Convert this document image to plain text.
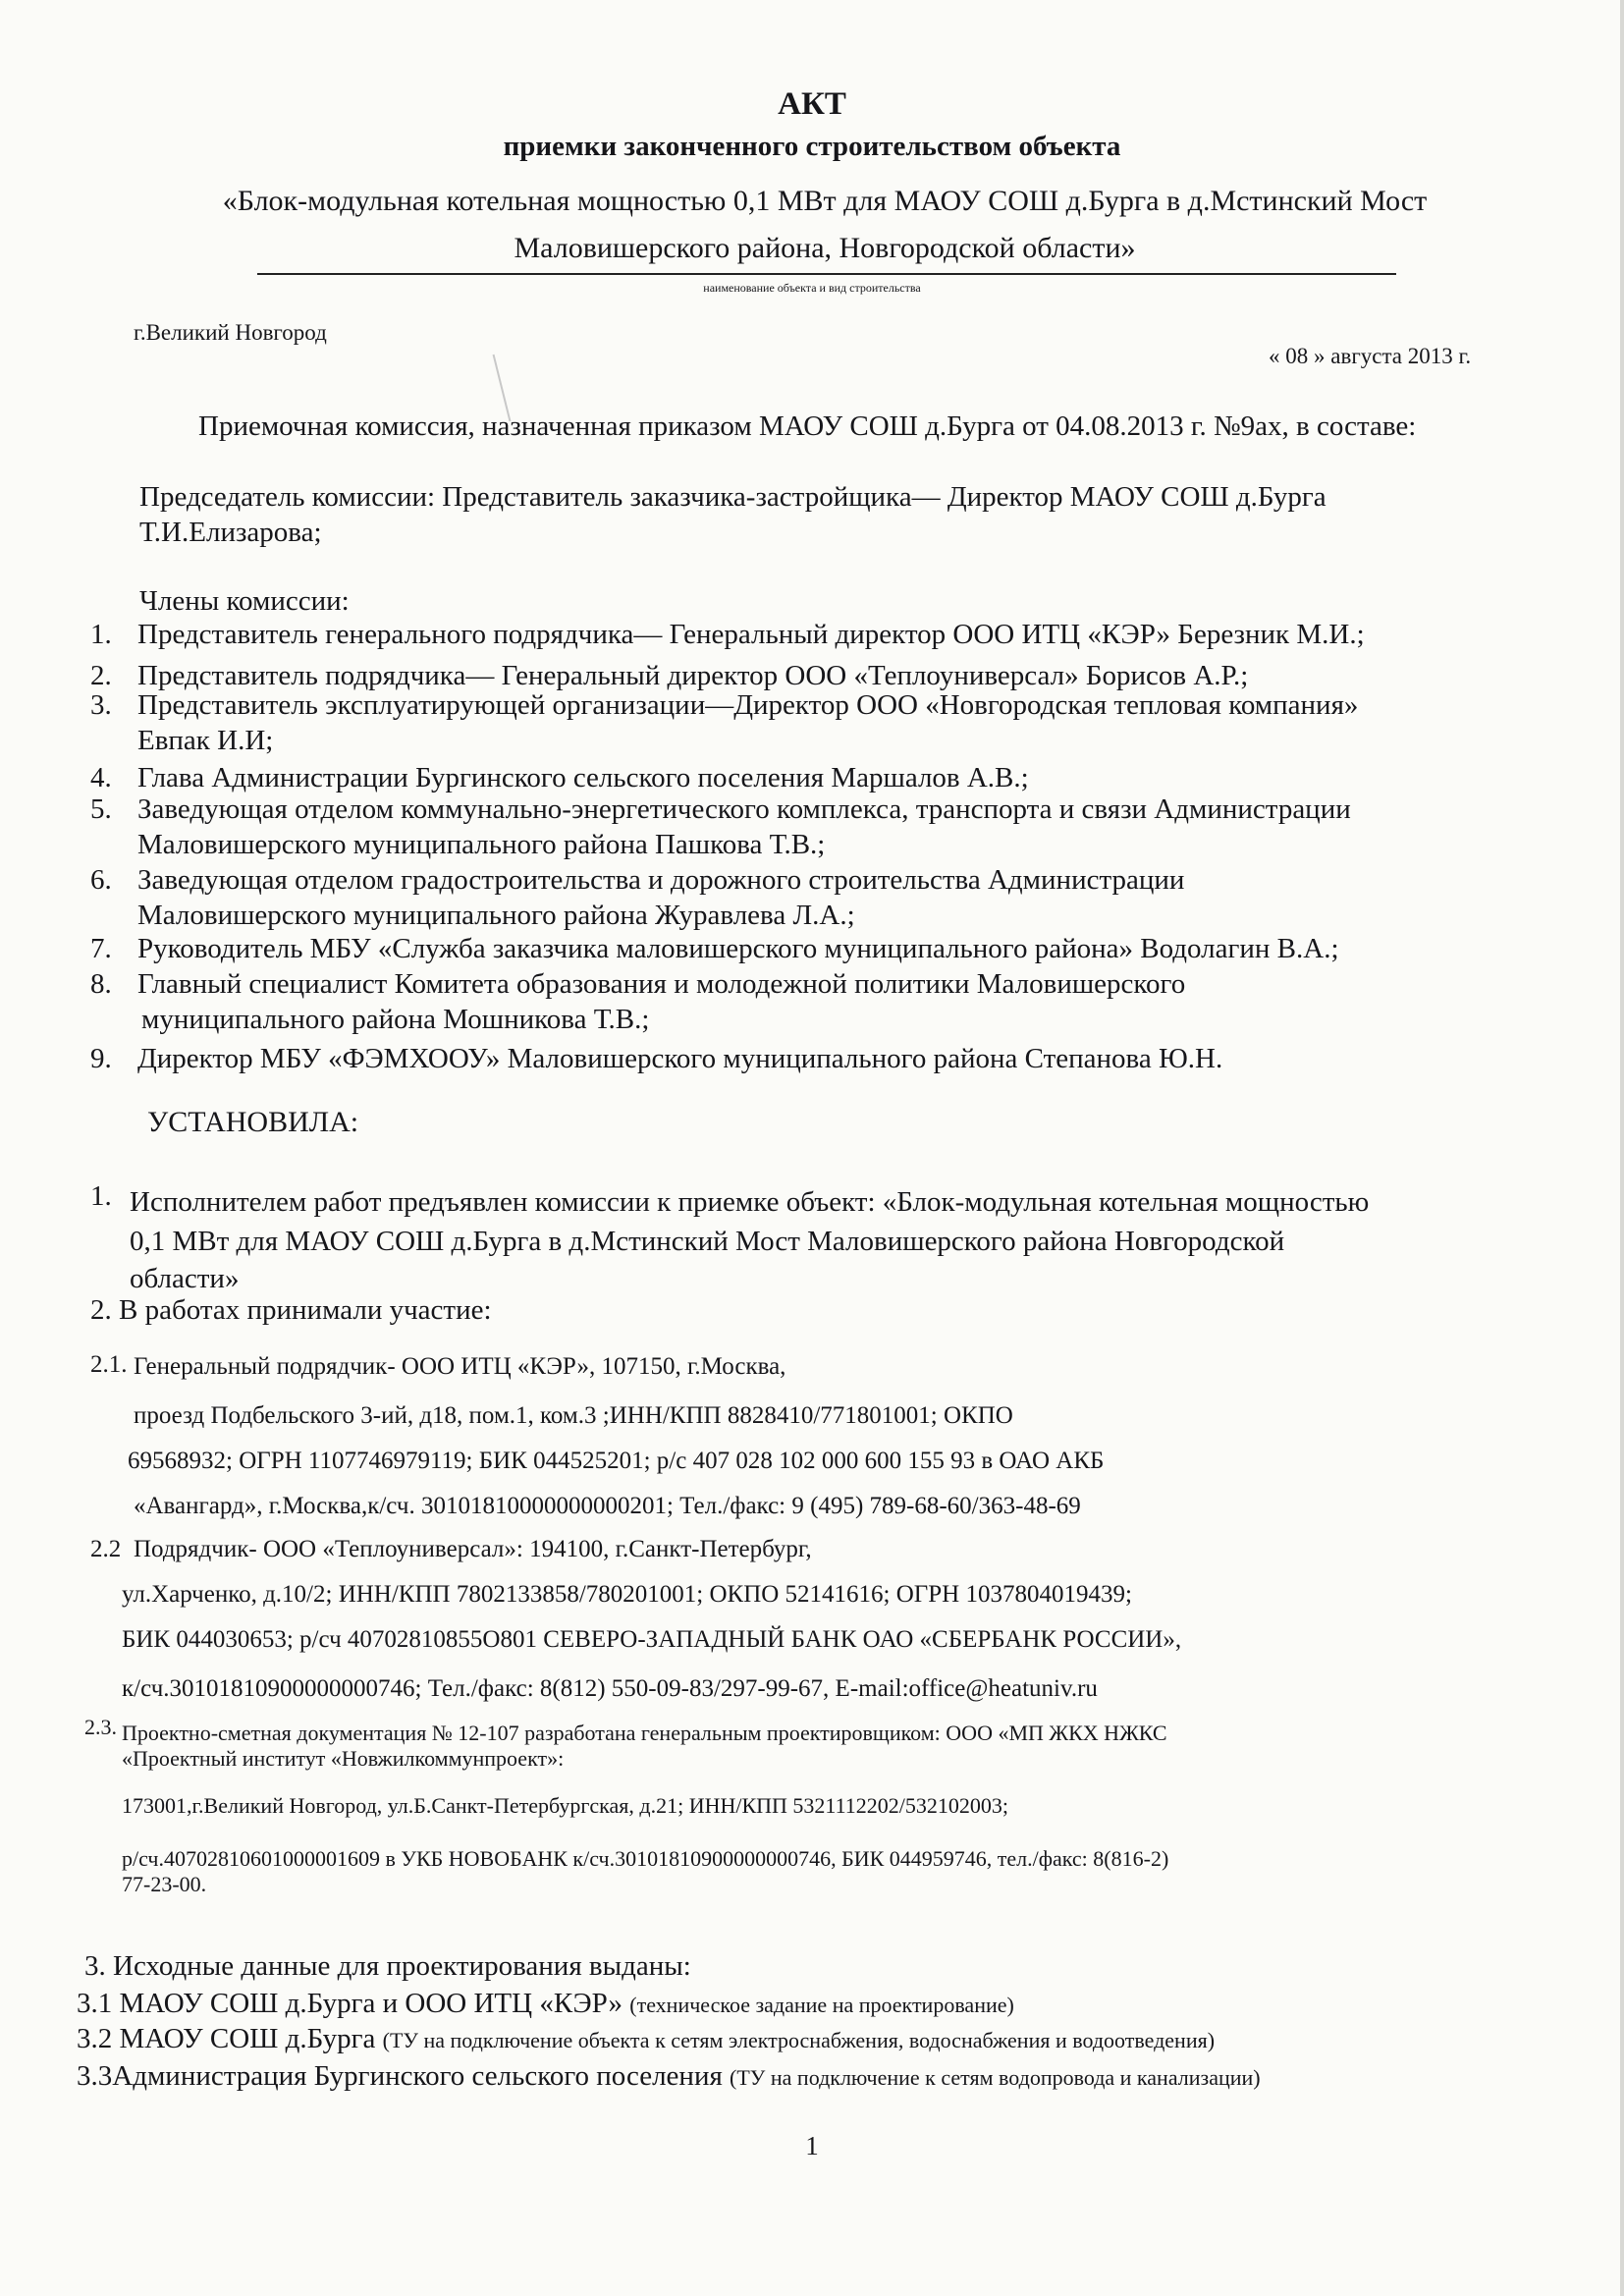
АКТ
приемки законченного строительством объекта
«Блок-модульная котельная мощностью 0,1 МВт для МАОУ СОШ д.Бурга в д.Мстинский Мост
Маловишерского района, Новгородской области»
наименование объекта и вид строительства
г.Великий Новгород
« 08 » августа 2013 г.
Приемочная комиссия, назначенная приказом МАОУ СОШ д.Бурга от 04.08.2013 г. №9ах, в составе:
Председатель комиссии: Представитель заказчика-застройщика— Директор МАОУ СОШ д.Бурга
Т.И.Елизарова;
Члены комиссии:
1. Представитель генерального подрядчика— Генеральный директор ООО ИТЦ «КЭР» Березник М.И.;
2. Представитель подрядчика— Генеральный директор ООО «Теплоуниверсал» Борисов А.Р.;
3. Представитель эксплуатирующей организации—Директор ООО «Новгородская тепловая компания»
Евпак И.И;
4. Глава Администрации Бургинского сельского поселения Маршалов А.В.;
5. Заведующая отделом коммунально-энергетического комплекса, транспорта и связи Администрации
Маловишерского муниципального района Пашкова Т.В.;
6. Заведующая отделом градостроительства и дорожного строительства Администрации
Маловишерского муниципального района Журавлева Л.А.;
7. Руководитель МБУ «Служба заказчика маловишерского муниципального района» Водолагин В.А.;
8. Главный специалист Комитета образования и молодежной политики Маловишерского
муниципального района Мошникова Т.В.;
9. Директор МБУ «ФЭМХООУ» Маловишерского муниципального района Степанова Ю.Н.
УСТАНОВИЛА:
1. Исполнителем работ предъявлен комиссии к приемке объект: «Блок-модульная котельная мощностью
0,1 МВт для МАОУ СОШ д.Бурга в д.Мстинский Мост Маловишерского района Новгородской
области»
2. В работах принимали участие:
2.1. Генеральный подрядчик- ООО ИТЦ «КЭР», 107150, г.Москва,
проезд Подбельского 3-ий, д18, пом.1, ком.3 ;ИНН/КПП 8828410/771801001; ОКПО
69568932; ОГРН 1107746979119; БИК 044525201; р/с 407 028 102 000 600 155 93 в ОАО АКБ
«Авангард», г.Москва,к/сч. 30101810000000000201; Тел./факс: 9 (495) 789-68-60/363-48-69
2.2 Подрядчик- ООО «Теплоуниверсал»: 194100, г.Санкт-Петербург,
ул.Харченко, д.10/2; ИНН/КПП 7802133858/780201001; ОКПО 52141616; ОГРН 1037804019439;
БИК 044030653; р/сч 40702810855O801 СЕВЕРО-ЗАПАДНЫЙ БАНК ОАО «СБЕРБАНК РОССИИ»,
к/сч.30101810900000000746; Тел./факс: 8(812) 550-09-83/297-99-67, E-mail:office@heatuniv.ru
2.3. Проектно-сметная документация № 12-107 разработана генеральным проектировщиком: ООО «МП ЖКХ НЖКС
«Проектный институт «Новжилкоммунпроект»:
173001,г.Великий Новгород, ул.Б.Санкт-Петербургская, д.21; ИНН/КПП 5321112202/532102003;
р/сч.40702810601000001609 в УКБ НОВОБАНК к/сч.30101810900000000746, БИК 044959746, тел./факс: 8(816-2)
77-23-00.
3. Исходные данные для проектирования выданы:
3.1 МАОУ СОШ д.Бурга и ООО ИТЦ «КЭР» (техническое задание на проектирование)
3.2 МАОУ СОШ д.Бурга (ТУ на подключение объекта к сетям электроснабжения, водоснабжения и водоотведения)
3.3Администрация Бургинского сельского поселения (ТУ на подключение к сетям водопровода и канализации)
1
